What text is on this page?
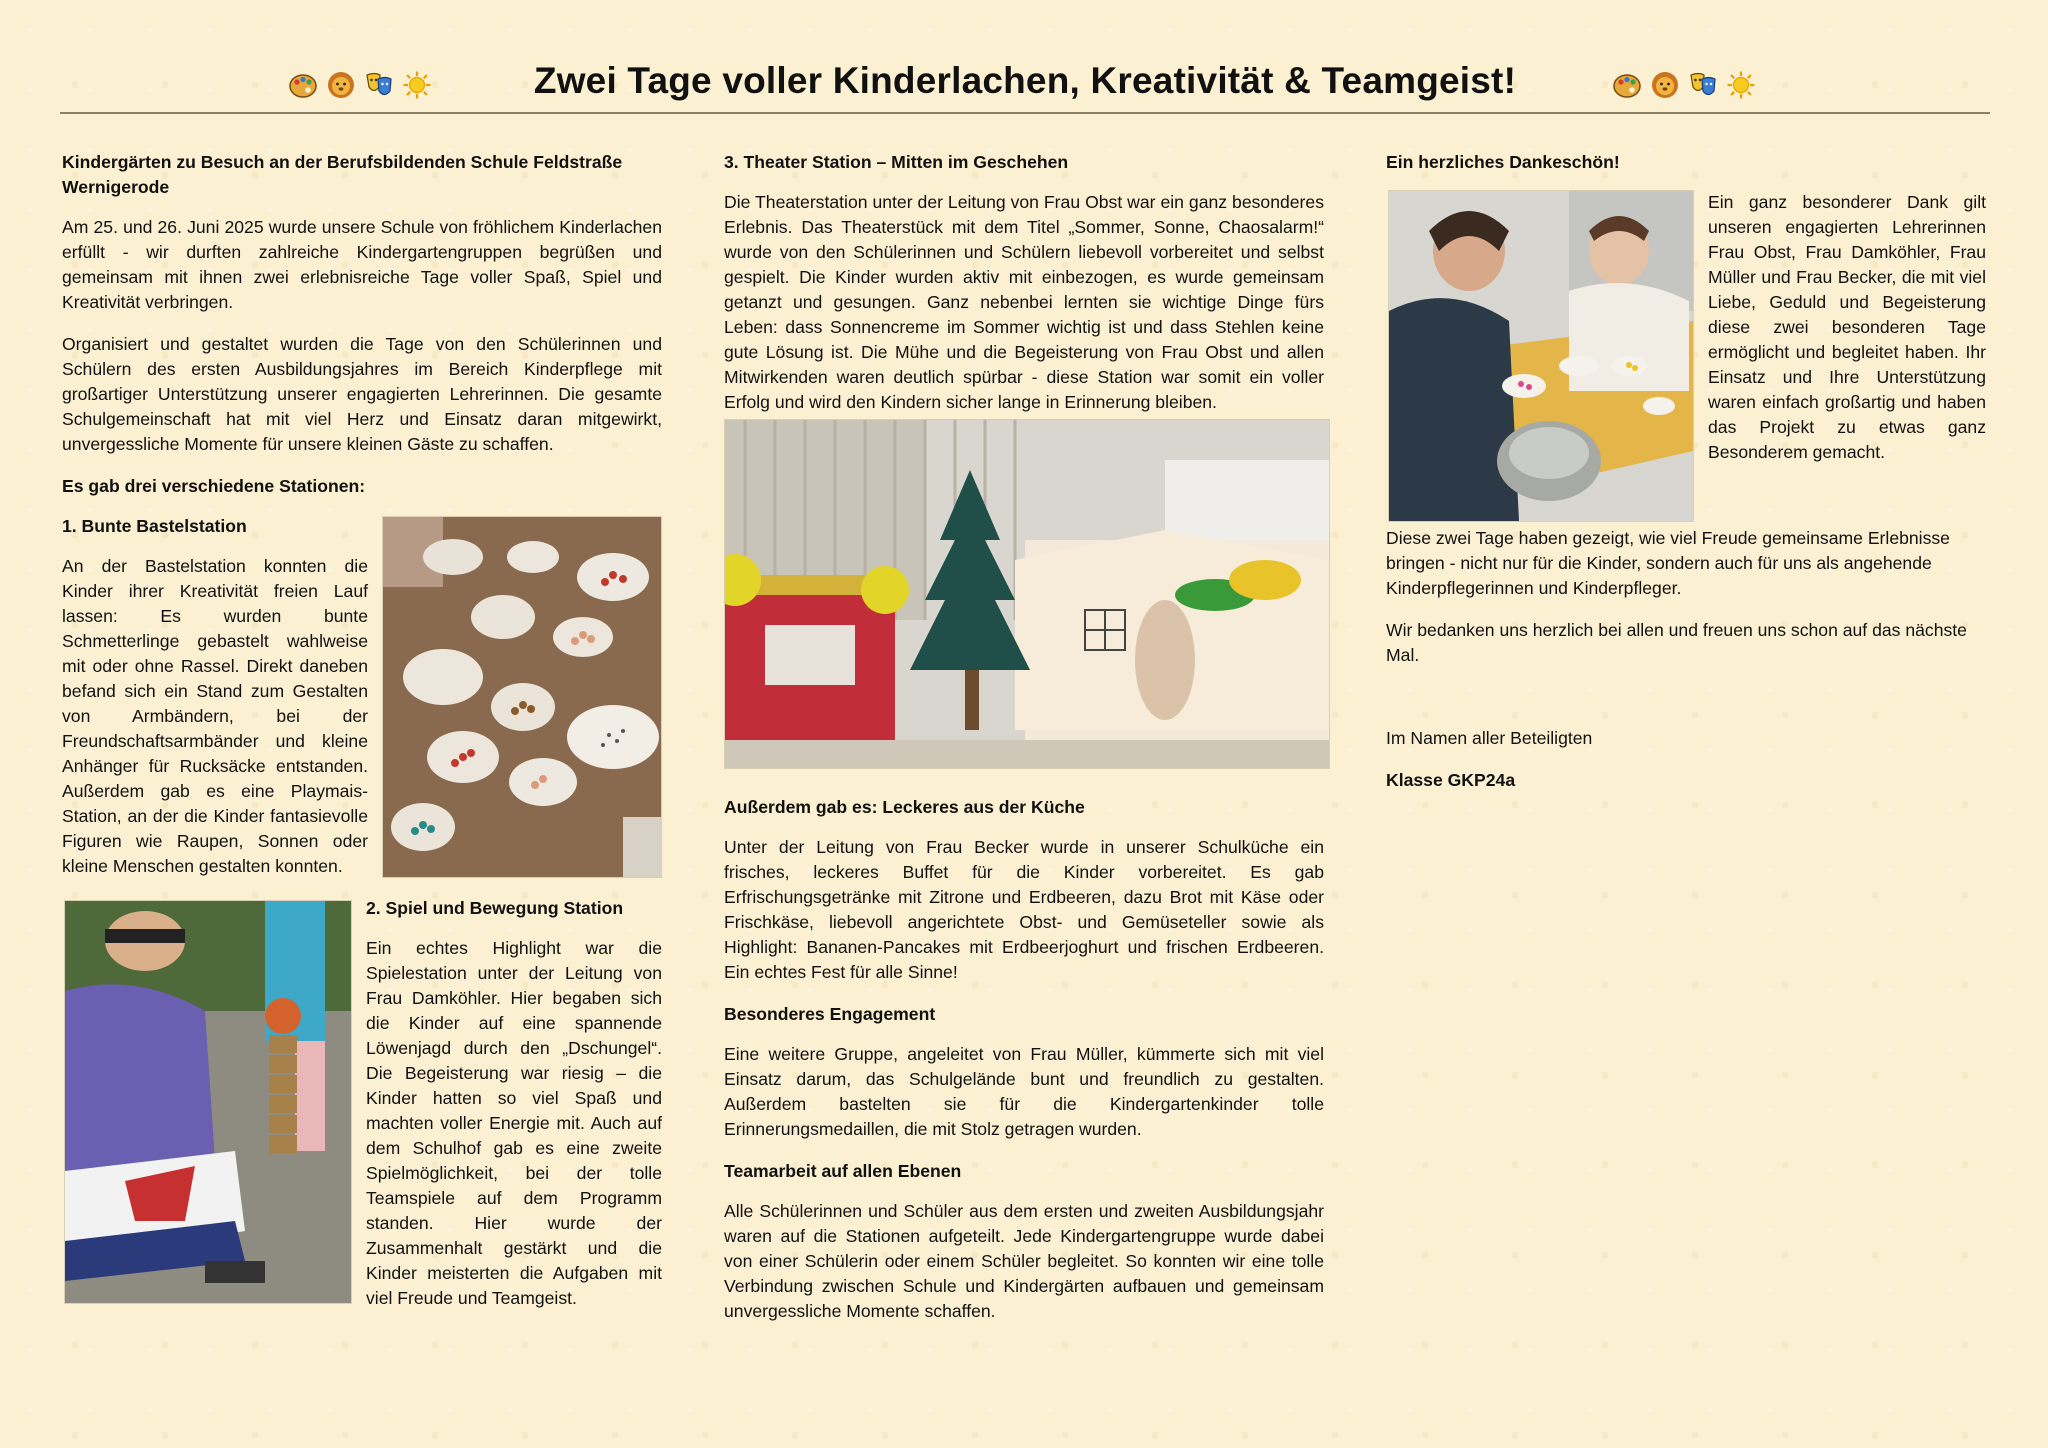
Zwei Tage voller Kinderlachen, Kreativität & Teamgeist!
Kindergärten zu Besuch an der Berufsbildenden Schule Feldstraße Wernigerode

Am 25. und 26. Juni 2025 wurde unsere Schule von fröhlichem Kinderlachen erfüllt - wir durften zahlreiche Kindergartengruppen begrüßen und gemeinsam mit ihnen zwei erlebnisreiche Tage voller Spaß, Spiel und Kreativität verbringen.

Organisiert und gestaltet wurden die Tage von den Schülerinnen und Schülern des ersten Ausbildungsjahres im Bereich Kinderpflege mit großartiger Unterstützung unserer engagierten Lehrerinnen. Die gesamte Schulgemeinschaft hat mit viel Herz und Einsatz daran mitgewirkt, unvergessliche Momente für unsere kleinen Gäste zu schaffen.

Es gab drei verschiedene Stationen:
1. Bunte Bastelstation

An der Bastelstation konnten die Kinder ihrer Kreativität freien Lauf lassen: Es wurden bunte Schmetterlinge gebastelt wahlweise mit oder ohne Rassel. Direkt daneben befand sich ein Stand zum Gestalten von Armbändern, bei der Freundschaftsarmbänder und kleine Anhänger für Rucksäcke entstanden. Außerdem gab es eine Playmais-Station, an der die Kinder fantasievolle Figuren wie Raupen, Sonnen oder kleine Menschen gestalten konnten.

2. Spiel und Bewegung Station

Ein echtes Highlight war die Spielestation unter der Leitung von Frau Damköhler. Hier begaben sich die Kinder auf eine spannende Löwenjagd durch den „Dschungel“. Die Begeisterung war riesig – die Kinder hatten so viel Spaß und machten voller Energie mit. Auch auf dem Schulhof gab es eine zweite Spielmöglichkeit, bei der tolle Teamspiele auf dem Programm standen. Hier wurde der Zusammenhalt gestärkt und die Kinder meisterten die Aufgaben mit viel Freude und Teamgeist.

3. Theater Station – Mitten im Geschehen

Die Theaterstation unter der Leitung von Frau Obst war ein ganz besonderes Erlebnis. Das Theaterstück mit dem Titel „Sommer, Sonne, Chaosalarm!“ wurde von den Schülerinnen und Schülern liebevoll vorbereitet und selbst gespielt. Die Kinder wurden aktiv mit einbezogen, es wurde gemeinsam getanzt und gesungen. Ganz nebenbei lernten sie wichtige Dinge fürs Leben: dass Sonnencreme im Sommer wichtig ist und dass Stehlen keine gute Lösung ist. Die Mühe und die Begeisterung von Frau Obst und allen Mitwirkenden waren deutlich spürbar - diese Station war somit ein voller Erfolg und wird den Kindern sicher lange in Erinnerung bleiben.

Außerdem gab es: Leckeres aus der Küche

Unter der Leitung von Frau Becker wurde in unserer Schulküche ein frisches, leckeres Buffet für die Kinder vorbereitet. Es gab Erfrischungsgetränke mit Zitrone und Erdbeeren, dazu Brot mit Käse oder Frischkäse, liebevoll angerichtete Obst- und Gemüseteller sowie als Highlight: Bananen-Pancakes mit Erdbeerjoghurt und frischen Erdbeeren. Ein echtes Fest für alle Sinne!

Besonderes Engagement

Eine weitere Gruppe, angeleitet von Frau Müller, kümmerte sich mit viel Einsatz darum, das Schulgelände bunt und freundlich zu gestalten. Außerdem bastelten sie für die Kindergartenkinder tolle Erinnerungsmedaillen, die mit Stolz getragen wurden.

Teamarbeit auf allen Ebenen

Alle Schülerinnen und Schüler aus dem ersten und zweiten Ausbildungsjahr waren auf die Stationen aufgeteilt. Jede Kindergartengruppe wurde dabei von einer Schülerin oder einem Schüler begleitet. So konnten wir eine tolle Verbindung zwischen Schule und Kindergärten aufbauen und gemeinsam unvergessliche Momente schaffen.

Ein herzliches Dankeschön!

Ein ganz besonderer Dank gilt unseren engagierten Lehrerinnen Frau Obst, Frau Damköhler, Frau Müller und Frau Becker, die mit viel Liebe, Geduld und Begeisterung diese zwei besonderen Tage ermöglicht und begleitet haben. Ihr Einsatz und Ihre Unterstützung waren einfach großartig und haben das Projekt zu etwas ganz Besonderem gemacht.

Diese zwei Tage haben gezeigt, wie viel Freude gemeinsame Erlebnisse bringen - nicht nur für die Kinder, sondern auch für uns als angehende Kinderpflegerinnen und Kinderpfleger.

Wir bedanken uns herzlich bei allen und freuen uns schon auf das nächste Mal.

Im Namen aller Beteiligten

Klasse GKP24a
